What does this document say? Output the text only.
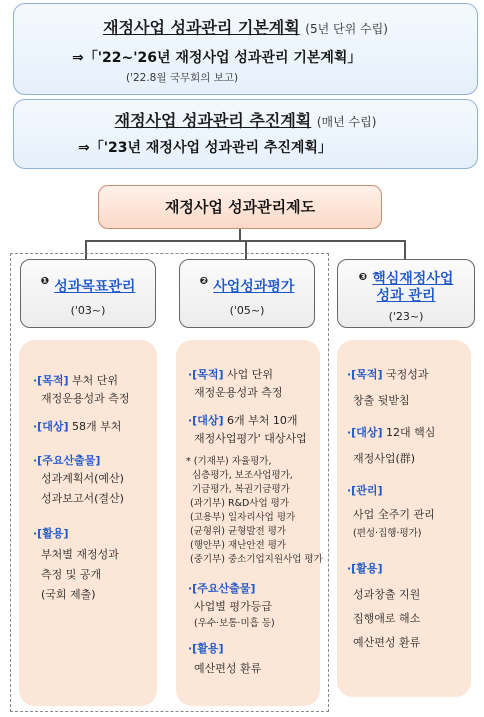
재정사업 성과관리 기본계획 (5년 단위 수립)
⇒「'22~'26년 재정사업 성과관리 기본계획」
('22.8월 국무회의 보고)
재정사업 성과관리 추진계획 (매년 수립)
⇒「'23년 재정사업 성과관리 추진계획」
재정사업 성과관리제도
$^❶$ 성과목표관리
('03~)
$^❷$ 사업성과평가
('05~)
$^❸$ 핵심재정사업
성과 관리
('23~)
·[목적] 부처 단위
재정운용성과 측정
·[대상] 58개 부처
·[주요산출물]
성과계획서(예산)
성과보고서(결산)
·[활용]
부처별 재정성과
측정 및 공개
(국회 제출)
·[목적] 사업 단위
재정운용성과 측정
·[대상] 6개 부처 10개
재정사업평가' 대상사업
* (기재부) 자율평가,
심층평가, 보조사업평가,
기금평가, 복권기금평가
(과기부) R&D사업 평가
(고용부) 일자리사업 평가
(균형위) 균형발전 평가
(행안부) 재난안전 평가
(중기부) 중소기업지원사업 평가
·[주요산출물]
사업별 평가등급
(우수·보통·미흡 등)
·[활용]
예산편성 환류
·[목적] 국정성과
창출 뒷받침
·[대상] 12대 핵심
재정사업(群)
·[관리]
사업 全주기 관리
(편성·집행·평가)
·[활용]
성과창출 지원
집행애로 해소
예산편성 환류
